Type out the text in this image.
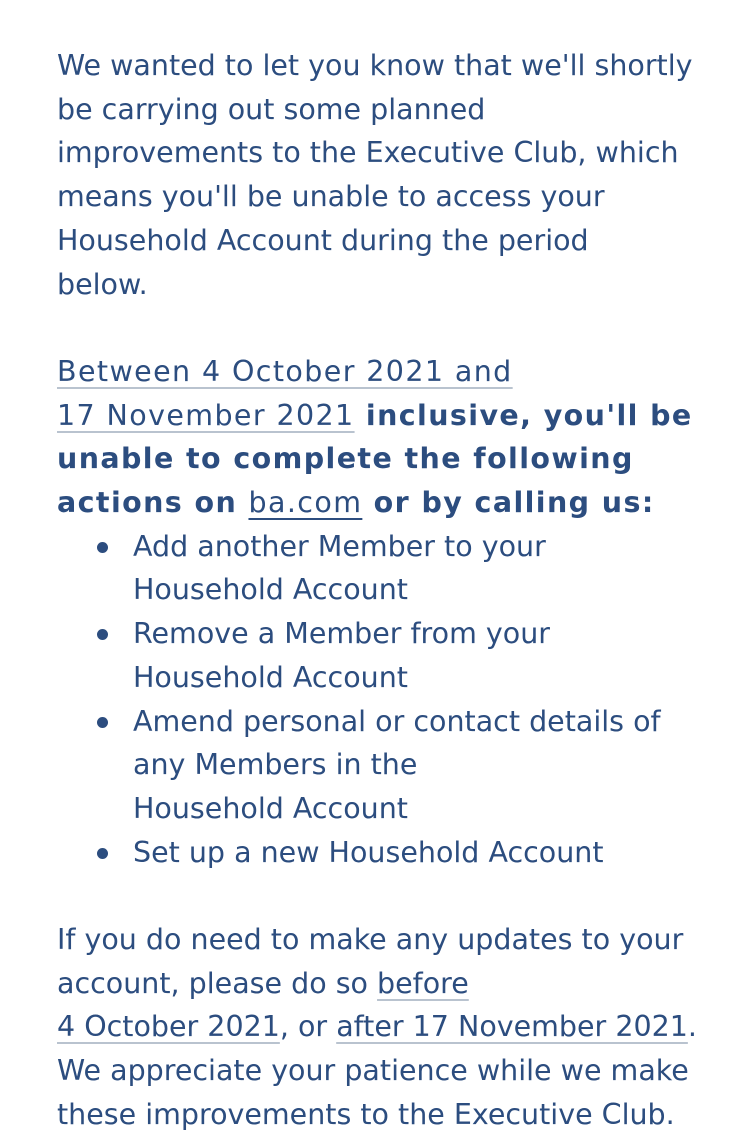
We wanted to let you know that we'll shortly
be carrying out some planned
improvements to the Executive Club, which
means you'll be unable to access your
Household Account during the period
below.

Between 4 October 2021 and
17 November 2021 inclusive, you'll be
unable to complete the following
actions on ba.com or by calling us:

Add another Member to your
Household Account
Remove a Member from your
Household Account
Amend personal or contact details of
any Members in the
Household Account
Set up a new Household Account

If you do need to make any updates to your
account, please do so before
4 October 2021, or after 17 November 2021.
We appreciate your patience while we make
these improvements to the Executive Club.
